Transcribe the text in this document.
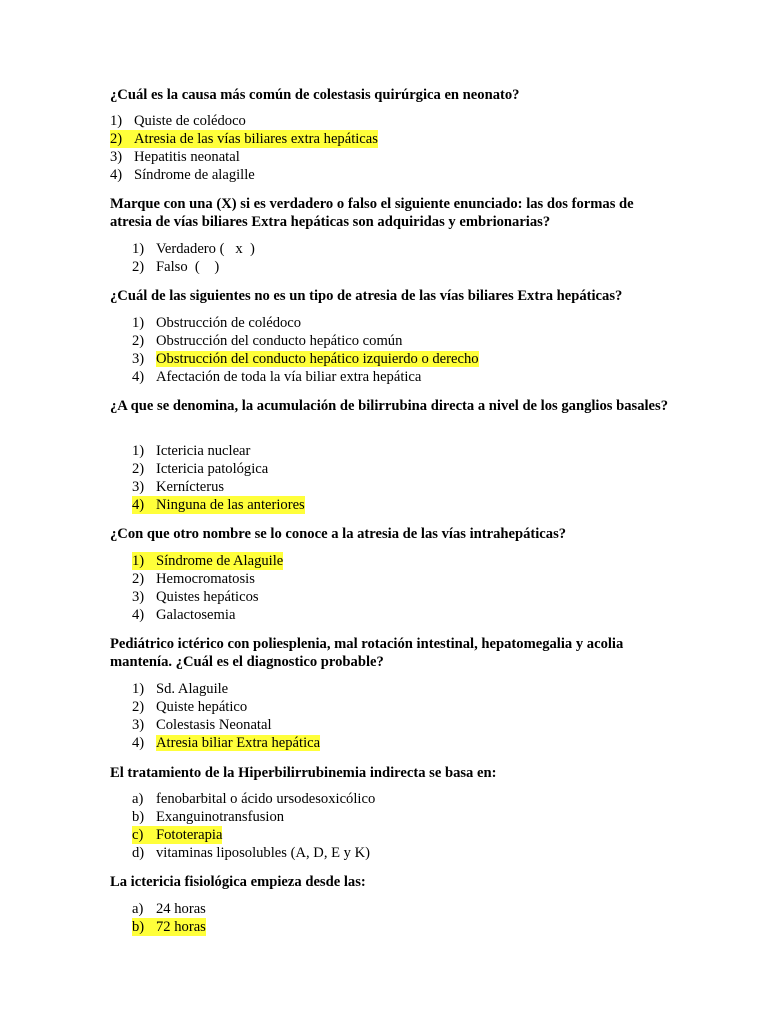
¿Cuál es la causa más común de colestasis quirúrgica en neonato?

1) Quiste de colédoco
2) Atresia de las vías biliares extra hepáticas
3) Hepatitis neonatal
4) Síndrome de alagille

Marque con una (X) si es verdadero o falso el siguiente enunciado: las dos formas de atresia de vías biliares Extra hepáticas son adquiridas y embrionarias?

1) Verdadero (   x  )
2) Falso  (    )

¿Cuál de las siguientes no es un tipo de atresia de las vías biliares Extra hepáticas?

1) Obstrucción de colédoco
2) Obstrucción del conducto hepático común
3) Obstrucción del conducto hepático izquierdo o derecho
4) Afectación de toda la vía biliar extra hepática

¿A que se denomina, la acumulación de bilirrubina directa a nivel de los ganglios basales?

1) Ictericia nuclear
2) Ictericia patológica
3) Kernícterus
4) Ninguna de las anteriores

¿Con que otro nombre se lo conoce a la atresia de las vías intrahepáticas?

1) Síndrome de Alaguile
2) Hemocromatosis
3) Quistes hepáticos
4) Galactosemia

Pediátrico ictérico con poliesplenia, mal rotación intestinal, hepatomegalia y acolia mantenía. ¿Cuál es el diagnostico probable?

1) Sd. Alaguile
2) Quiste hepático
3) Colestasis Neonatal
4) Atresia biliar Extra hepática

El tratamiento de la Hiperbilirrubinemia indirecta se basa en:

a) fenobarbital o ácido ursodesoxicólico
b) Exanguinotransfusion
c) Fototerapia
d) vitaminas liposolubles (A, D, E y K)

La ictericia fisiológica empieza desde las:

a) 24 horas
b) 72 horas
